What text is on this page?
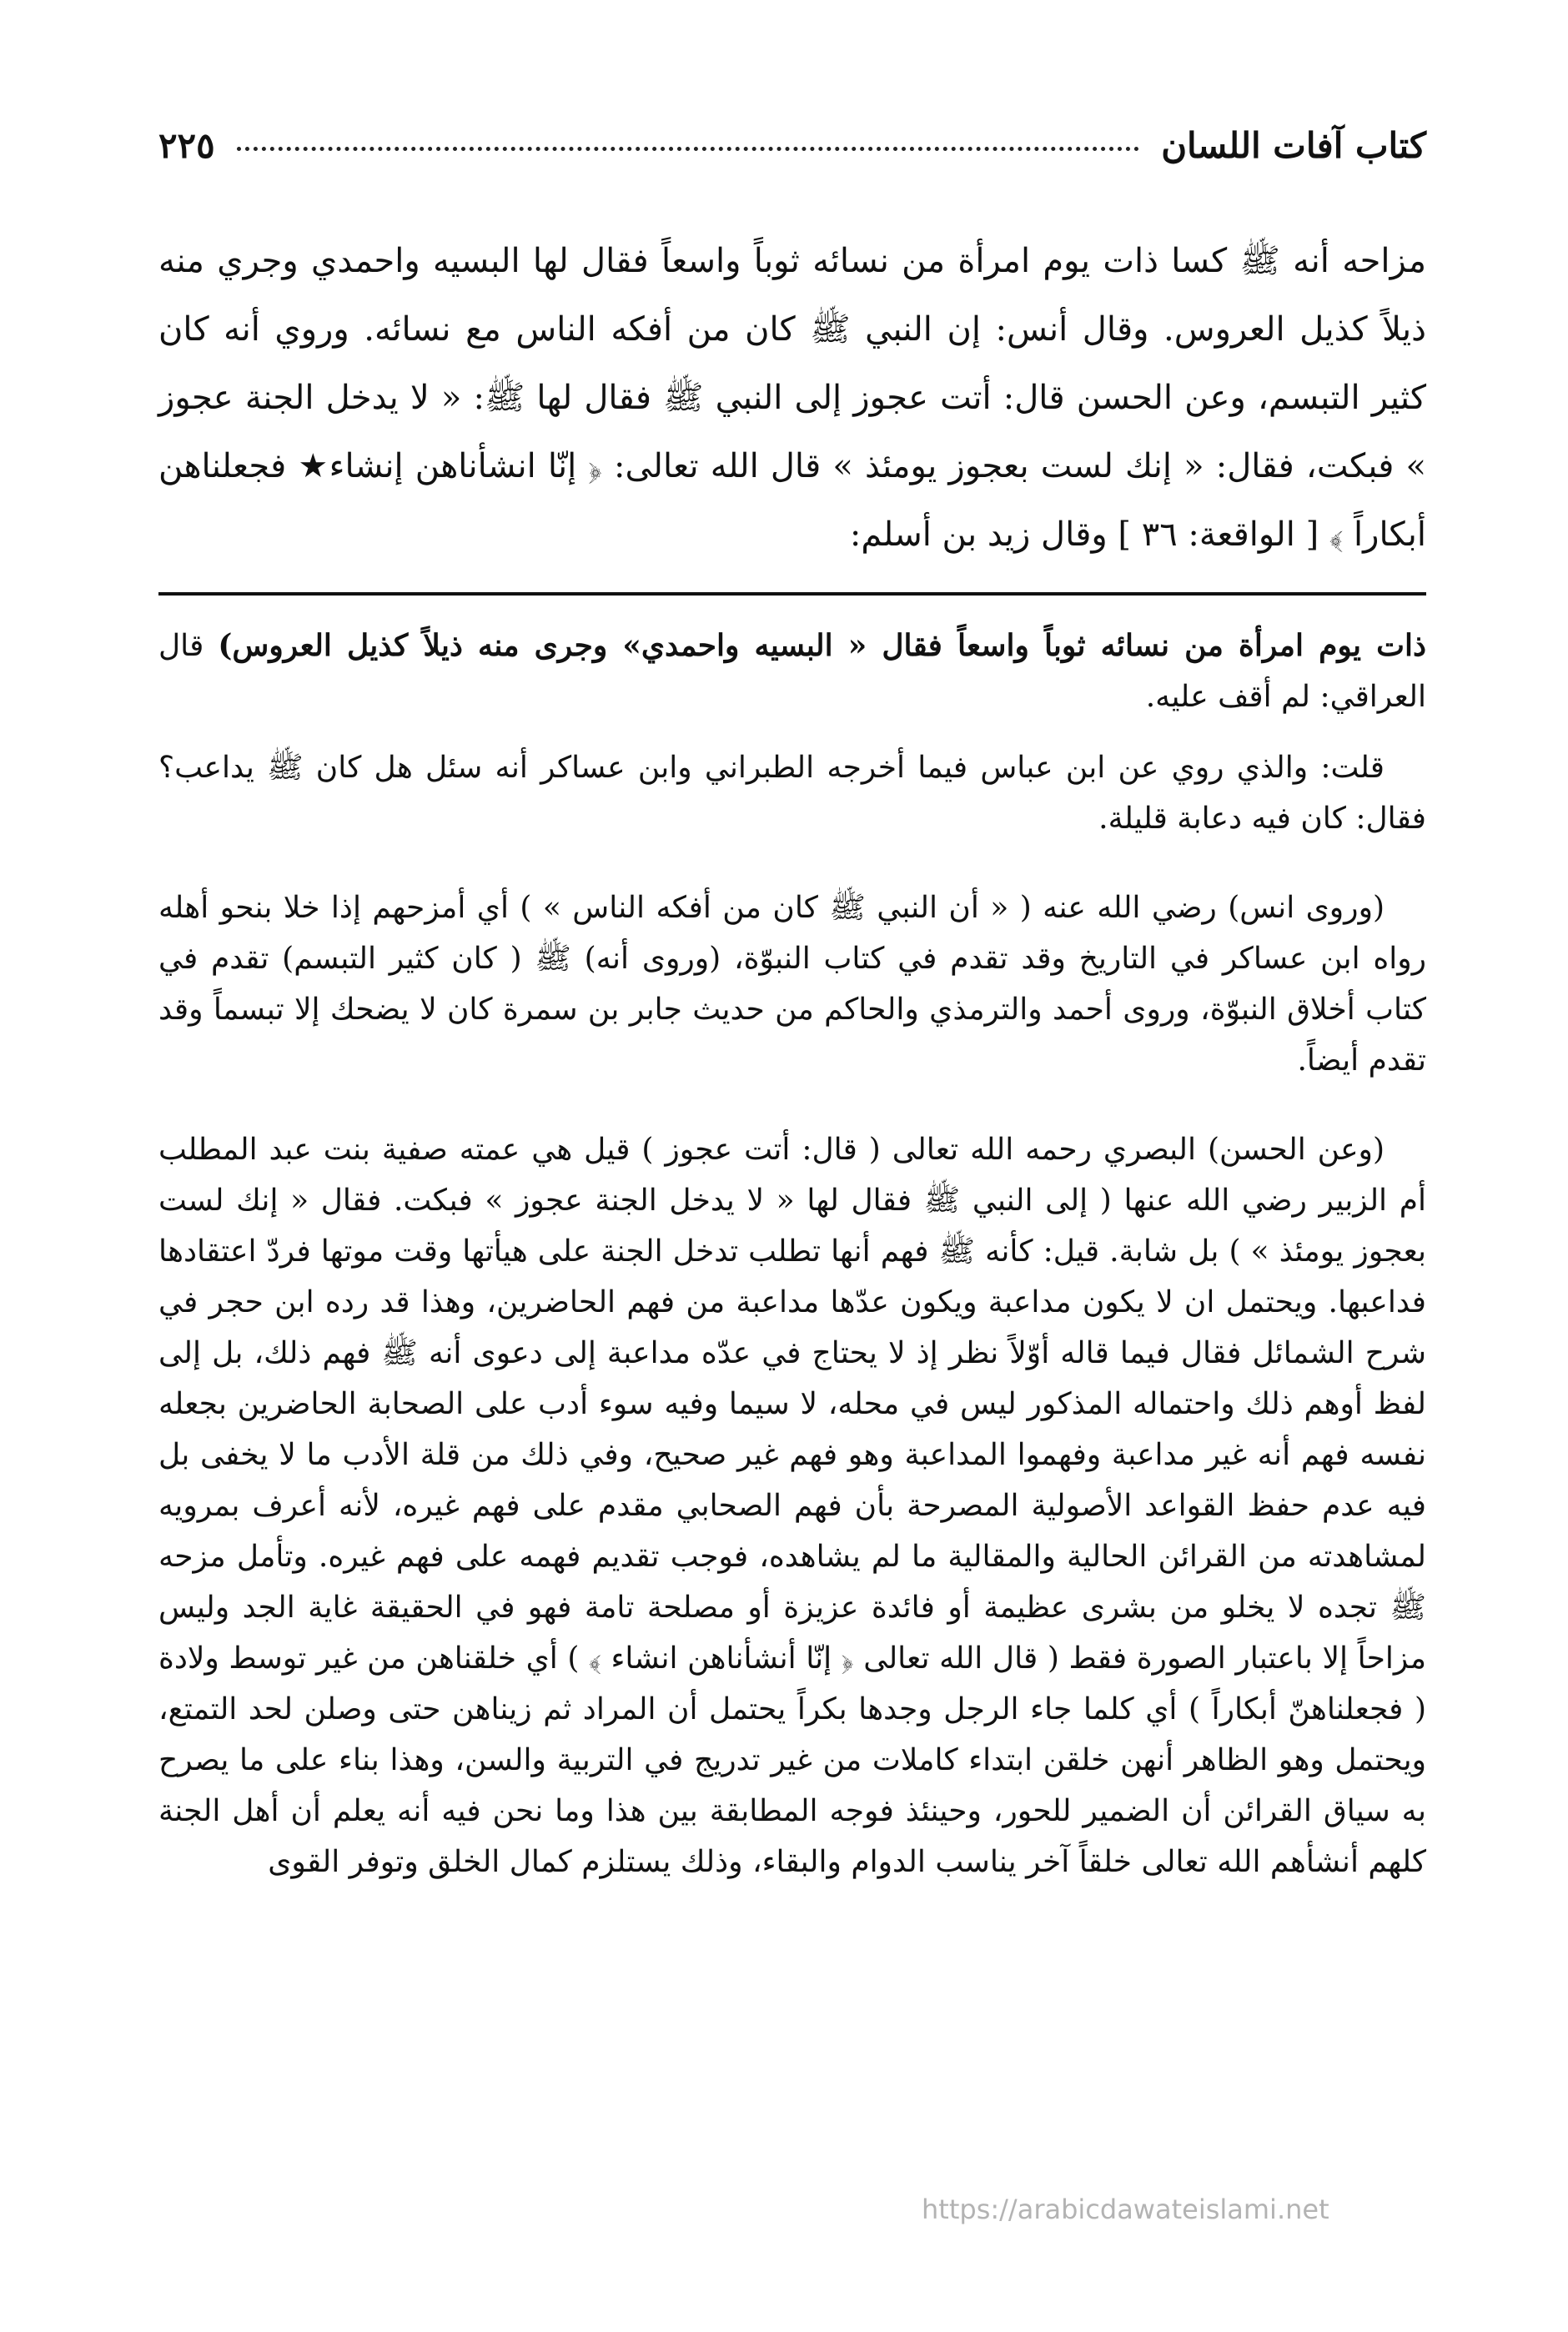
كتاب آفات اللسان
٢٢٥

مزاحه أنه ﷺ كسا ذات يوم امرأة من نسائه ثوباً واسعاً فقال لها البسيه واحمدي وجري منه ذيلاً كذيل العروس. وقال أنس: إن النبي ﷺ كان من أفكه الناس مع نسائه. وروي أنه كان كثير التبسم، وعن الحسن قال: أتت عجوز إلى النبي ﷺ فقال لها ﷺ: « لا يدخل الجنة عجوز » فبكت، فقال: « إنك لست بعجوز يومئذ » قال الله تعالى: ﴿ إنّا انشأناهن إنشاء★ فجعلناهن أبكاراً ﴾ [ الواقعة: ٣٦ ] وقال زيد بن أسلم:

ذات يوم امرأة من نسائه ثوباً واسعاً فقال « البسيه واحمدي» وجرى منه ذيلاً كذيل العروس) قال العراقي: لم أقف عليه.

قلت: والذي روي عن ابن عباس فيما أخرجه الطبراني وابن عساكر أنه سئل هل كان ﷺ يداعب؟ فقال: كان فيه دعابة قليلة.

(وروى انس) رضي الله عنه ( « أن النبي ﷺ كان من أفكه الناس » ) أي أمزحهم إذا خلا بنحو أهله رواه ابن عساكر في التاريخ وقد تقدم في كتاب النبوّة، (وروى أنه) ﷺ ( كان كثير التبسم) تقدم في كتاب أخلاق النبوّة، وروى أحمد والترمذي والحاكم من حديث جابر بن سمرة كان لا يضحك إلا تبسماً وقد تقدم أيضاً.

(وعن الحسن) البصري رحمه الله تعالى ( قال: أتت عجوز ) قيل هي عمته صفية بنت عبد المطلب أم الزبير رضي الله عنها ( إلى النبي ﷺ فقال لها « لا يدخل الجنة عجوز » فبكت. فقال « إنك لست بعجوز يومئذ » ) بل شابة. قيل: كأنه ﷺ فهم أنها تطلب تدخل الجنة على هيأتها وقت موتها فردّ اعتقادها فداعبها. ويحتمل ان لا يكون مداعبة ويكون عدّها مداعبة من فهم الحاضرين، وهذا قد رده ابن حجر في شرح الشمائل فقال فيما قاله أوّلاً نظر إذ لا يحتاج في عدّه مداعبة إلى دعوى أنه ﷺ فهم ذلك، بل إلى لفظ أوهم ذلك واحتماله المذكور ليس في محله، لا سيما وفيه سوء أدب على الصحابة الحاضرين بجعله نفسه فهم أنه غير مداعبة وفهموا المداعبة وهو فهم غير صحيح، وفي ذلك من قلة الأدب ما لا يخفى بل فيه عدم حفظ القواعد الأصولية المصرحة بأن فهم الصحابي مقدم على فهم غيره، لأنه أعرف بمرويه لمشاهدته من القرائن الحالية والمقالية ما لم يشاهده، فوجب تقديم فهمه على فهم غيره. وتأمل مزحه ﷺ تجده لا يخلو من بشرى عظيمة أو فائدة عزيزة أو مصلحة تامة فهو في الحقيقة غاية الجد وليس مزاحاً إلا باعتبار الصورة فقط ( قال الله تعالى ﴿ إنّا أنشأناهن انشاء ﴾ ) أي خلقناهن من غير توسط ولادة ( فجعلناهنّ أبكاراً ) أي كلما جاء الرجل وجدها بكراً يحتمل أن المراد ثم زيناهن حتى وصلن لحد التمتع، ويحتمل وهو الظاهر أنهن خلقن ابتداء كاملات من غير تدريج في التربية والسن، وهذا بناء على ما يصرح به سياق القرائن أن الضمير للحور، وحينئذ فوجه المطابقة بين هذا وما نحن فيه أنه يعلم أن أهل الجنة كلهم أنشأهم الله تعالى خلقاً آخر يناسب الدوام والبقاء، وذلك يستلزم كمال الخلق وتوفر القوى

https://arabicdawateislami.net
